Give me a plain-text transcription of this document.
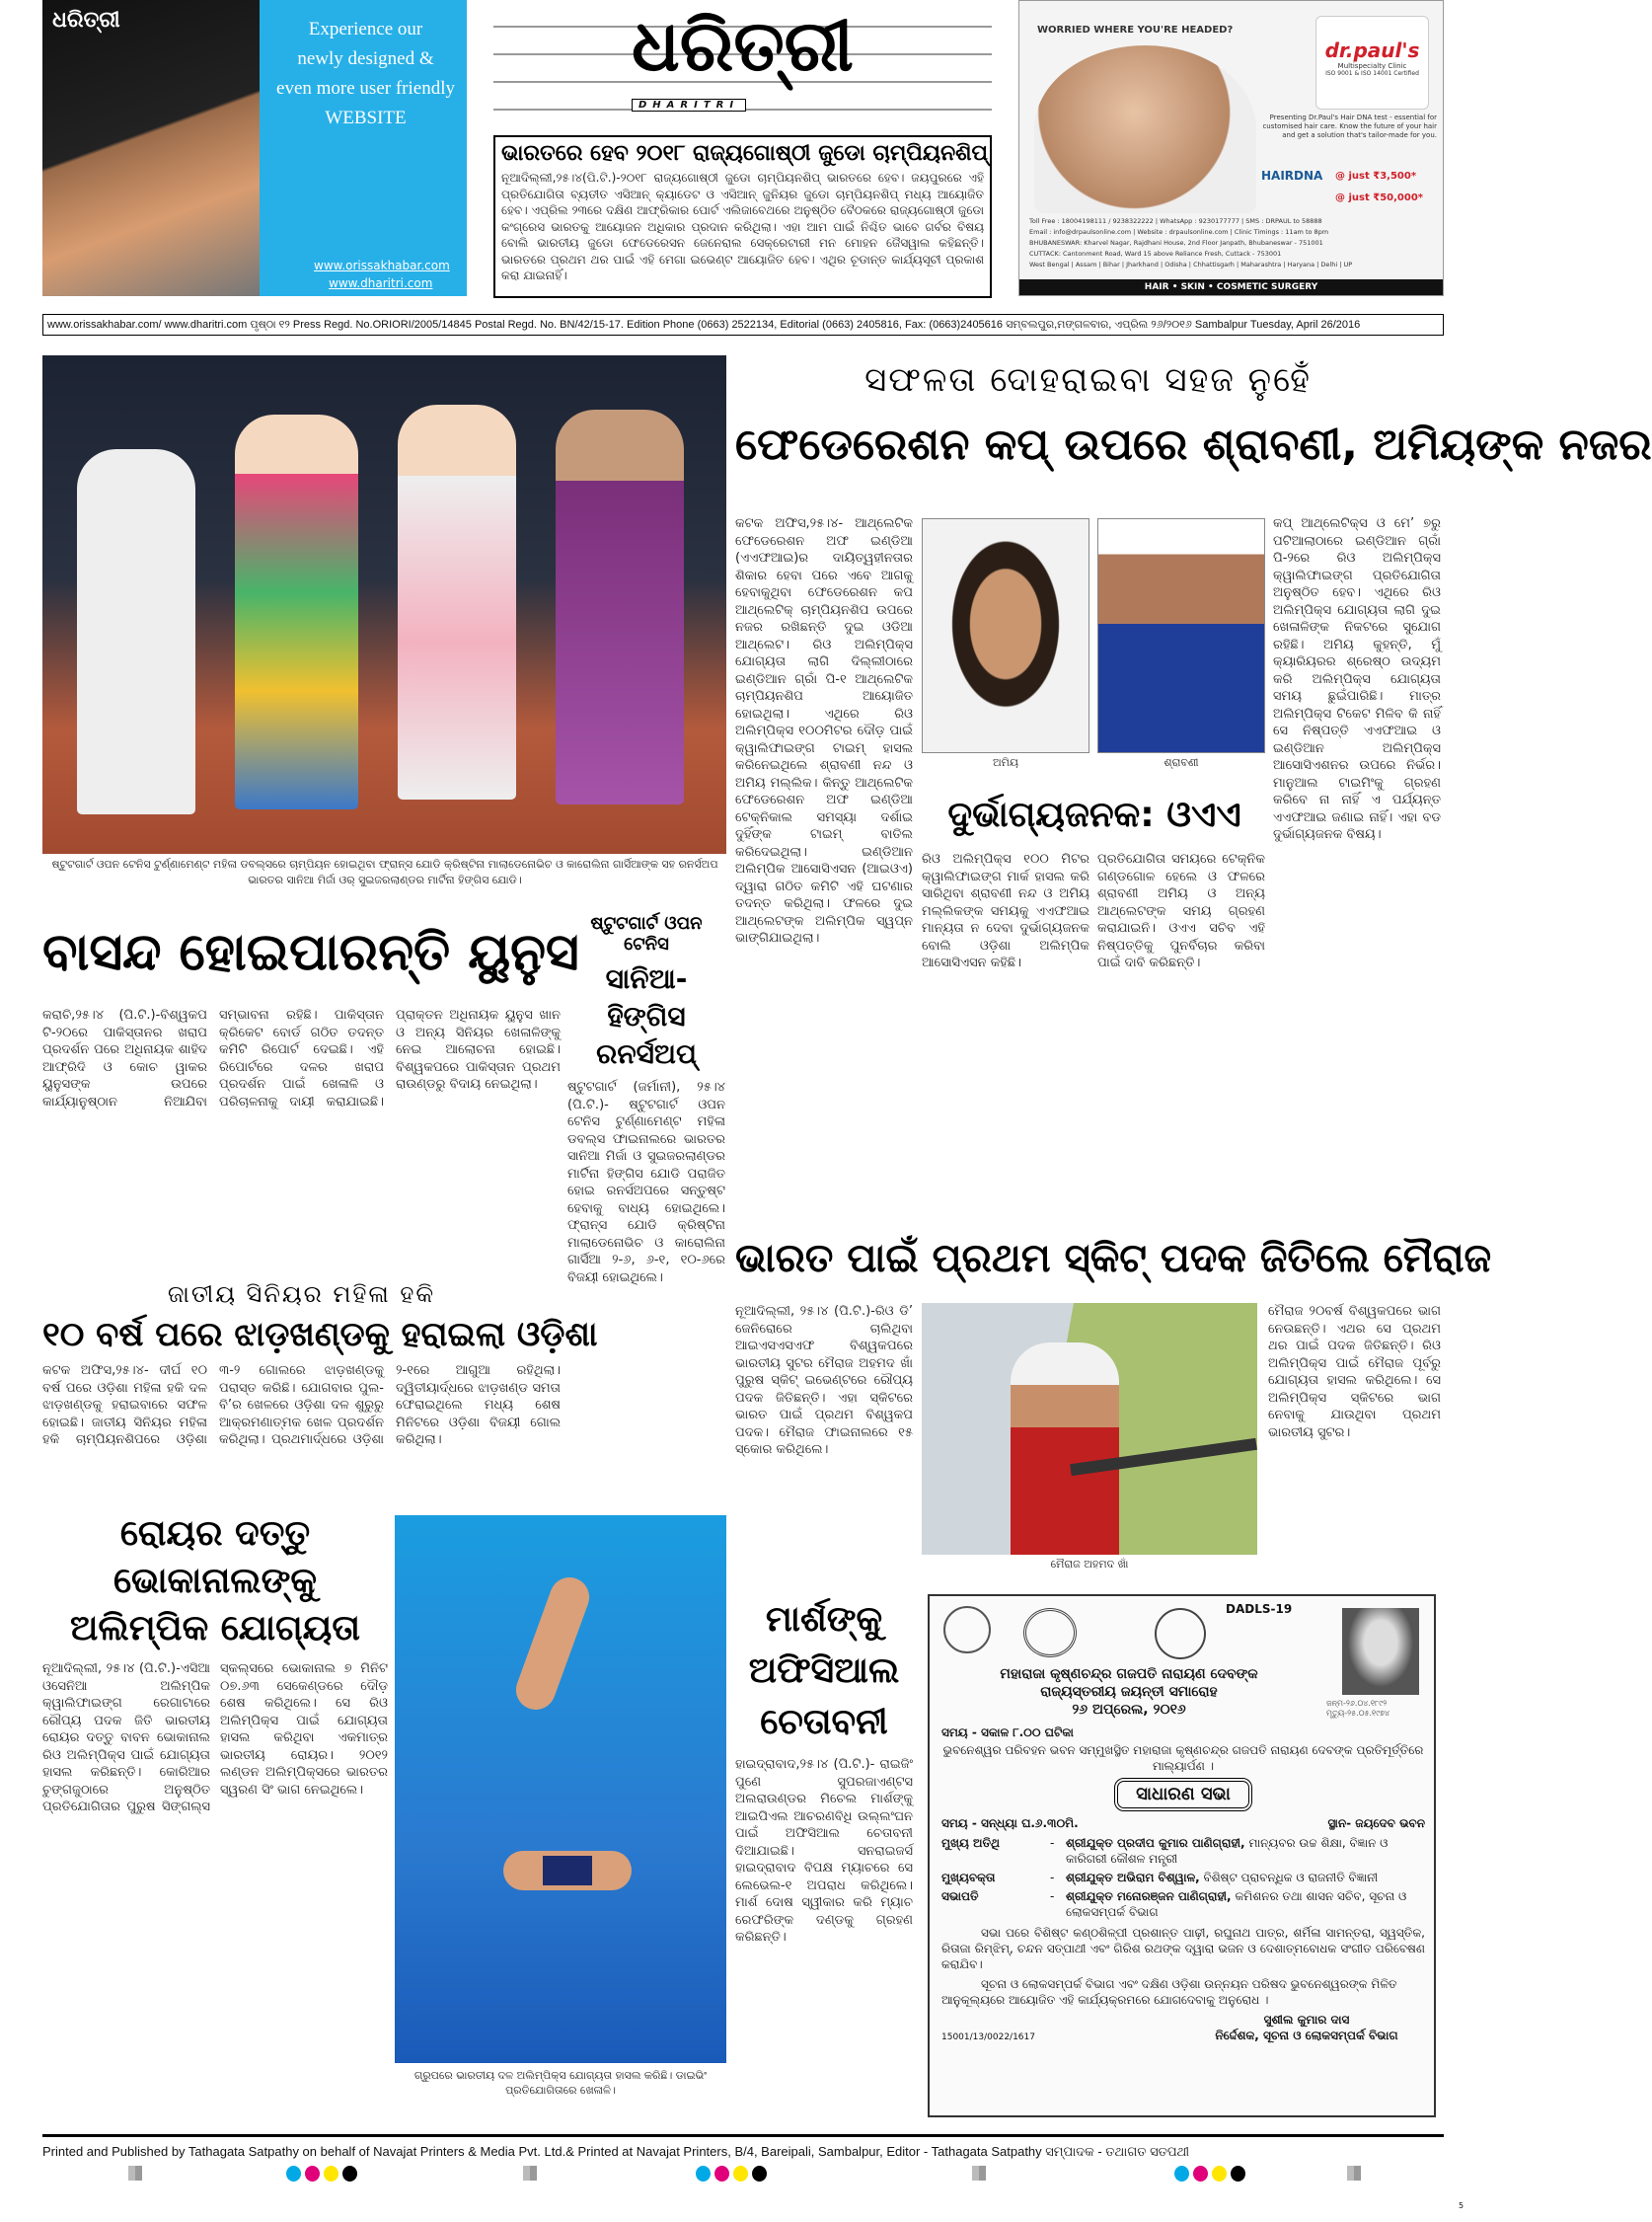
ଧରିତ୍ରୀ	Experience our
newly designed &
even more user friendly
WEBSITE
www.orissakhabar.com
www.dharitri.com
ଧରିତ୍ରୀ
DHARITRI
ଭାରତରେ ହେବ ୨୦୧୮ ରାଜ୍ୟଗୋଷ୍ଠୀ ଜୁଡୋ ଚାମ୍ପିୟନଶିପ୍
ନୂଆଦିଲ୍ଲୀ,୨୫।୪(ପି.ଟି.)-୨୦୧୮ ରାଜ୍ୟଗୋଷ୍ଠୀ ଜୁଡୋ ଚାମ୍ପିୟନଶିପ୍ ଭାରତରେ ହେବ। ଜୟପୁରରେ ଏହି ପ୍ରତିଯୋଗିତା ବ୍ୟତୀତ ଏସିଆନ୍ କ୍ୟାଡେଟ ଓ ଏସିଆନ୍ ଜୁନିୟର ଜୁଡୋ ଚାମ୍ପିୟନଶିପ୍ ମଧ୍ୟ ଆୟୋଜିତ ହେବ। ଏପ୍ରିଲ ୨୩ରେ ଦକ୍ଷିଣ ଆଫ୍ରିକାର ପୋର୍ଟ ଏଲିଜାବେଥରେ ଅନୁଷ୍ଠିତ ବୈଠକରେ ରାଜ୍ୟଗୋଷ୍ଠୀ ଜୁଡୋ କଂଗ୍ରେସ ଭାରତକୁ ଆୟୋଜନ ଅଧିକାର ପ୍ରଦାନ କରିଥିଲା। ଏହା ଆମ ପାଇଁ ନିଶ୍ଚିତ ଭାବେ ଗର୍ବର ବିଷୟ ବୋଲି ଭାରତୀୟ ଜୁଡୋ ଫେଡେରେସନ ଜେନେରାଲ ସେକ୍ରେଟାରୀ ମନ ମୋହନ ଜୈସୱାଲ କହିଛନ୍ତି। ଭାରତରେ ପ୍ରଥମ ଥର ପାଇଁ ଏହି ମେଗା ଇଭେଣ୍ଟ ଆୟୋଜିତ ହେବ। ଏଥିର ଚୂଡାନ୍ତ କାର୍ଯ୍ୟସୂଚୀ ପ୍ରକାଶ କରା ଯାଇନାହିଁ।
WORRIED WHERE YOU'RE HEADED?
dr.paul's
Multispecialty Clinic
ISO 9001 & ISO 14001 Certified
Presenting Dr.Paul's Hair DNA test - essential for customised hair care. Know the future of your hair and get a solution that's tailor-made for you.
HAIRDNA @ just ₹3,500*
@ just ₹50,000*
Toll Free : 18004198111 / 9238322222 | WhatsApp : 9230177777 | SMS : DRPAUL to 58888
Email : info@drpaulsonline.com | Website : drpaulsonline.com | Clinic Timings : 11am to 8pm
BHUBANESWAR: Kharvel Nagar, Rajdhani House, 2nd Floor Janpath, Bhubaneswar - 751001
CUTTACK: Cantonment Road, Ward 15 above Reliance Fresh, Cuttack - 753001
West Bengal | Assam | Bihar | Jharkhand | Odisha | Chhattisgarh | Maharashtra | Haryana | Delhi | UP
HAIR • SKIN • COSMETIC SURGERY
www.orissakhabar.com/ www.dharitri.com ପୃଷ୍ଠା ୧୨ Press Regd. No.ORIORI/2005/14845 Postal Regd. No. BN/42/15-17. Edition Phone (0663) 2522134, Editorial (0663) 2405816, Fax: (0663)2405616 ସମ୍ବଲପୁର,ମଙ୍ଗଳବାର, ଏପ୍ରିଲ ୨୬/୨୦୧୬ Sambalpur Tuesday, April 26/2016
ଷ୍ଟୁଟଗାର୍ଟ ଓପନ ଟେନିସ ଟୁର୍ଣ୍ଣାମେଣ୍ଟ ମହିଳା ଡବଲ୍ସରେ ଚାମ୍ପିୟନ ହୋଇଥିବା ଫ୍ରାନ୍ସ ଯୋଡି କ୍ରିଷ୍ଟିନା ମାଲାଡେନୋଭିଚ ଓ କାରୋଲିନା ଗାର୍ସିଆଙ୍କ ସହ ରନର୍ସଅପ ଭାରତର ସାନିଆ ମିର୍ଜା ଓର୍ ସୁଇଜରଲାଣ୍ଡର ମାର୍ଟିନା ହିଙ୍ଗିସ ଯୋଡି।
ସଫଳତା ଦୋହରାଇବା ସହଜ ନୁହେଁ
ଫେଡେରେଶନ କପ୍ ଉପରେ ଶ୍ରାବଣୀ, ଅମିୟଙ୍କ ନଜର
କଟକ ଅଫିସ,୨୫।୪- ଆଥ୍ଲେଟିକ ଫେଡେରେଶନ ଅଫ ଇଣ୍ଡିଆ (ଏଏଫଆଇ)ର ଦାୟିତ୍ୱହୀନତାର ଶିକାର ହେବା ପରେ ଏବେ ଆଗକୁ ହେବାକୁଥିବା ଫେଡେରେଶନ କପ ଆଥ୍ଲେଟିକ୍ ଚାମ୍ପିୟନଶିପ ଉପରେ ନଜର ରଖିଛନ୍ତି ଦୁଇ ଓଡିଆ ଆଥ୍ଲେଟ। ରିଓ ଅଲିମ୍ପିକ୍ସ ଯୋଗ୍ୟତା ଲାଗି ଦିଲ୍ଲୀଠାରେ ଇଣ୍ଡିଆନ ଗ୍ରାଁ ପି-୧ ଆଥ୍ଲେଟିକ ଚାମ୍ପିୟନଶିପ ଆୟୋଜିତ ହୋଇଥିଲା। ଏଥିରେ ରିଓ ଅଲିମ୍ପିକ୍ସ ୧୦୦ମିଟର ଦୌଡ଼ ପାଇଁ କ୍ୱାଲିଫାଇଙ୍ଗ ଟାଇମ୍ ହାସଲ କରିନେଇଥିଲେ ଶ୍ରାବଣୀ ନନ୍ଦ ଓ ଅମିୟ ମଲ୍ଲିକ। କିନ୍ତୁ ଆଥ୍ଲେଟିକ ଫେଡେରେଶନ ଅଫ ଇଣ୍ଡିଆ ଟେକ୍ନିକାଲ ସମସ୍ୟା ଦର୍ଶାଇ ଦୁହିଁଙ୍କ ଟାଇମ୍ ବାତିଲ କରିଦେଇଥିଲା। ଇଣ୍ଡିଆନ ଅଲିମ୍ପିକ ଆସୋସିଏସନ (ଆଇଓଏ) ଦ୍ୱାରା ଗଠିତ କମିଟି ଏହି ଘଟଣାର ତଦନ୍ତ କରିଥିଲା। ଫଳରେ ଦୁଇ ଆଥ୍ଲେଟଙ୍କ ଅଲିମ୍ପିକ ସ୍ୱପ୍ନ ଭାଙ୍ଗିଯାଇଥିଲା।
ଅମିୟ	ଶ୍ରାବଣୀ
କପ୍ ଆଥ୍ଲେଟିକ୍ସ ଓ ମେ’ ୭ରୁ ପଟିଆଲାଠାରେ ଇଣ୍ଡିଆନ ଗ୍ରାଁ ପି-୨ରେ ରିଓ ଅଲିମ୍ପିକ୍ସ କ୍ୱାଲିଫାଇଙ୍ଗ ପ୍ରତିଯୋଗିତା ଅନୁଷ୍ଠିତ ହେବ। ଏଥିରେ ରିଓ ଅଲିମ୍ପିକ୍ସ ଯୋଗ୍ୟତା ଲାଗି ଦୁଇ ଖେଳାଳିଙ୍କ ନିକଟରେ ସୁଯୋଗ ରହିଛି। ଅମିୟ କୁହନ୍ତି, ମୁଁ କ୍ୟାରିୟରର ଶ୍ରେଷ୍ଠ ଉଦ୍ୟମ କରି ଅଲିମ୍ପିକ୍ସ ଯୋଗ୍ୟତା ସମୟ ଛୁଇଁପାରିଛି। ମାତ୍ର ଅଲିମ୍ପିକ୍ସ ଟିକେଟ ମିଳିବ କି ନାହିଁ ସେ ନିଷ୍ପତ୍ତି ଏଏଫଆଇ ଓ ଇଣ୍ଡିଆନ ଅଲିମ୍ପିକ୍ସ ଆସୋସିଏଶନର ଉପରେ ନିର୍ଭର। ମାନୁଆଲ ଟାଇମିଂକୁ ଗ୍ରହଣ କରିବେ ନା ନାହିଁ ଏ ପର୍ଯ୍ୟନ୍ତ ଏଏଫଆଇ ଜଣାଇ ନାହିଁ। ଏହା ବଡ ଦୁର୍ଭାଗ୍ୟଜନକ ବିଷୟ।
ଦୁର୍ଭାଗ୍ୟଜନକ: ଓଏଏ
ରିଓ ଅଲିମ୍ପିକ୍ସ ୧୦୦ ମିଟର କ୍ୱାଲିଫାଇଙ୍ଗ ମାର୍କ ହାସଲ କରି ସାରିଥିବା ଶ୍ରାବଣୀ ନନ୍ଦ ଓ ଅମିୟ ମଲ୍ଲିକଙ୍କ ସମୟକୁ ଏଏଫଆଇ ମାନ୍ୟତା ନ ଦେବା ଦୁର୍ଭାଗ୍ୟଜନକ ବୋଲି ଓଡ଼ିଶା ଅଲିମ୍ପିକ ଆସୋସିଏସନ କହିଛି।
ପ୍ରତିଯୋଗିତା ସମୟରେ ଟେକ୍ନିକ ଗଣ୍ଡଗୋଳ ହେଲେ ଓ ଫଳରେ ଶ୍ରାବଣୀ ଅମିୟ ଓ ଅନ୍ୟ ଆଥ୍ଲେଟଙ୍କ ସମୟ ଗ୍ରହଣ କରାଯାଇନି। ଓଏଏ ସଚିବ ଏହି ନିଷ୍ପତ୍ତିକୁ ପୁନର୍ବିଚାର କରିବା ପାଇଁ ଦାବି କରିଛନ୍ତି।
ବାସନ୍ଦ ହୋଇପାରନ୍ତି ୟୁନୁସ
କରାଚି,୨୫।୪ (ପି.ଟି.)-ବିଶ୍ୱକପ ଟି-୨୦ରେ ପାକିସ୍ତାନର ଖରାପ ପ୍ରଦର୍ଶନ ପରେ ଅଧିନାୟକ ଶାହିଦ ଆଫ୍ରିଦି ଓ କୋଚ ୱାକର ୟୁନୁସଙ୍କ ଉପରେ କାର୍ଯ୍ୟାନୁଷ୍ଠାନ ନିଆଯିବା ସମ୍ଭାବନା ରହିଛି। ପାକିସ୍ତାନ କ୍ରିକେଟ ବୋର୍ଡ ଗଠିତ ତଦନ୍ତ କମିଟି ରିପୋର୍ଟ ଦେଇଛି। ଏହି ରିପୋର୍ଟରେ ଦଳର ଖରାପ ପ୍ରଦର୍ଶନ ପାଇଁ ଖେଳାଳି ଓ ପରିଚାଳନାକୁ ଦାୟୀ କରାଯାଇଛି। ପ୍ରାକ୍ତନ ଅଧିନାୟକ ୟୁନୁସ ଖାନ ଓ ଅନ୍ୟ ସିନିୟର ଖେଳାଳିଙ୍କୁ ନେଇ ଆଲୋଚନା ହୋଇଛି। ବିଶ୍ୱକପରେ ପାକିସ୍ତାନ ପ୍ରଥମ ରାଉଣ୍ଡରୁ ବିଦାୟ ନେଇଥିଲା।
ଷ୍ଟୁଟଗାର୍ଟ ଓପନ ଟେନିସ
ସାନିଆ-ହିଙ୍ଗିସ ରନର୍ସଅପ୍
ଷ୍ଟୁଟଗାର୍ଟ (ଜର୍ମାନୀ), ୨୫।୪ (ପି.ଟି.)- ଷ୍ଟୁଟଗାର୍ଟ ଓପନ ଟେନିସ ଟୁର୍ଣ୍ଣାମେଣ୍ଟ ମହିଳା ଡବଲ୍ସ ଫାଇନାଲରେ ଭାରତର ସାନିଆ ମିର୍ଜା ଓ ସୁଇଜରଲାଣ୍ଡର ମାର୍ଟିନା ହିଙ୍ଗିସ ଯୋଡି ପରାଜିତ ହୋଇ ରନର୍ସଅପରେ ସନ୍ତୁଷ୍ଟ ହେବାକୁ ବାଧ୍ୟ ହୋଇଥିଲେ। ଫ୍ରାନ୍ସ ଯୋଡି କ୍ରିଷ୍ଟିନା ମାଲାଡେନୋଭିଚ ଓ କାରୋଲିନା ଗାର୍ସିଆ ୨-୬, ୬-୧, ୧୦-୬ରେ ବିଜୟୀ ହୋଇଥିଲେ।
ଜାତୀୟ ସିନିୟର ମହିଳା ହକି
୧୦ ବର୍ଷ ପରେ ଝାଡ଼ଖଣ୍ଡକୁ ହରାଇଲା ଓଡ଼ିଶା
କଟକ ଅଫିସ,୨୫।୪- ଦୀର୍ଘ ୧୦ ବର୍ଷ ପରେ ଓଡ଼ିଶା ମହିଳା ହକି ଦଳ ଝାଡ଼ଖଣ୍ଡକୁ ହରାଇବାରେ ସଫଳ ହୋଇଛି। ଜାତୀୟ ସିନିୟର ମହିଳା ହକି ଚାମ୍ପିୟନଶିପରେ ଓଡ଼ିଶା ୩-୨ ଗୋଲରେ ଝାଡ଼ଖଣ୍ଡକୁ ପରାସ୍ତ କରିଛି। ଯୋଗବାର ପୁଲ-ବି’ର ଖେଳରେ ଓଡ଼ିଶା ଦଳ ଶୁରୁରୁ ଆକ୍ରମଣାତ୍ମକ ଖେଳ ପ୍ରଦର୍ଶନ କରିଥିଲା। ପ୍ରଥମାର୍ଦ୍ଧରେ ଓଡ଼ିଶା ୨-୧ରେ ଆଗୁଆ ରହିଥିଲା। ଦ୍ୱିତୀୟାର୍ଦ୍ଧରେ ଝାଡ଼ଖଣ୍ଡ ସମତା ଫେରାଇଥିଲେ ମଧ୍ୟ ଶେଷ ମିନିଟରେ ଓଡ଼ିଶା ବିଜୟୀ ଗୋଲ କରିଥିଲା।
ରୋୟର ଦତ୍ତୁ ଭୋକାନାଲଙ୍କୁ ଅଲିମ୍ପିକ ଯୋଗ୍ୟତା
ନୂଆଦିଲ୍ଲୀ, ୨୫।୪ (ପି.ଟି.)-ଏସିଆ ଓସେନିଆ ଅଲିମ୍ପିକ କ୍ୱାଲିଫାଇଙ୍ଗ ରେଗାଟାରେ ରୌପ୍ୟ ପଦକ ଜିତି ଭାରତୀୟ ରୋୟର ଦତ୍ତୁ ବାବନ ଭୋକାନାଲ ରିଓ ଅଲିମ୍ପିକ୍ସ ପାଇଁ ଯୋଗ୍ୟତା ହାସଲ କରିଛନ୍ତି। କୋରିଆର ଚୁଙ୍ଗଜୁଠାରେ ଅନୁଷ୍ଠିତ ପ୍ରତିଯୋଗିତାର ପୁରୁଷ ସିଙ୍ଗଲ୍ସ ସ୍କଲ୍ସରେ ଭୋକାନାଲ ୭ ମିନିଟ ୦୭.୬୩ ସେକେଣ୍ଡରେ ଦୌଡ଼ ଶେଷ କରିଥିଲେ। ସେ ରିଓ ଅଲିମ୍ପିକ୍ସ ପାଇଁ ଯୋଗ୍ୟତା ହାସଲ କରିଥିବା ଏକମାତ୍ର ଭାରତୀୟ ରୋୟର। ୨୦୧୨ ଲଣ୍ଡନ ଅଲିମ୍ପିକ୍ସରେ ଭାରତର ସ୍ୱରଣ ସିଂ ଭାଗ ନେଇଥିଲେ।
ଗ୍ରୁପରେ ଭାରତୀୟ ଦଳ ଅଲିମ୍ପିକ୍ସ ଯୋଗ୍ୟତା ହାସଲ କରିଛି। ଡାଇଭିଂ ପ୍ରତିଯୋଗିତାରେ ଖେଳାଳି।
ଭାରତ ପାଇଁ ପ୍ରଥମ ସ୍କିଟ୍ ପଦକ ଜିତିଲେ ମୈରାଜ
ନୂଆଦିଲ୍ଲୀ, ୨୫।୪ (ପି.ଟି.)-ରିଓ ଡି’ ଜେନିରୋରେ ଚାଲିଥିବା ଆଇଏସଏସଏଫ ବିଶ୍ୱକପରେ ଭାରତୀୟ ସୁଟର ମୈରାଜ ଅହମଦ ଖାଁ ପୁରୁଷ ସ୍କିଟ୍ ଇଭେଣ୍ଟରେ ରୌପ୍ୟ ପଦକ ଜିତିଛନ୍ତି। ଏହା ସ୍କିଟରେ ଭାରତ ପାଇଁ ପ୍ରଥମ ବିଶ୍ୱକପ ପଦକ। ମୈରାଜ ଫାଇନାଲରେ ୧୫ ସ୍କୋର କରିଥିଲେ।
ମୈରାଜ ଅହମଦ ଖାଁ
ମୈରାଜ ୨୦ବର୍ଷ ବିଶ୍ୱକପରେ ଭାଗ ନେଉଛନ୍ତି। ଏଥର ସେ ପ୍ରଥମ ଥର ପାଇଁ ପଦକ ଜିତିଛନ୍ତି। ରିଓ ଅଲିମ୍ପିକ୍ସ ପାଇଁ ମୈରାଜ ପୂର୍ବରୁ ଯୋଗ୍ୟତା ହାସଲ କରିଥିଲେ। ସେ ଅଲିମ୍ପିକ୍ସ ସ୍କିଟରେ ଭାଗ ନେବାକୁ ଯାଉଥିବା ପ୍ରଥମ ଭାରତୀୟ ସୁଟର।
ମାର୍ଶଙ୍କୁ ଅଫିସିଆଲ ଚେତାବନୀ
ହାଇଦ୍ରାବାଦ,୨୫।୪ (ପି.ଟି.)- ରାଇଜିଂ ପୁଣେ ସୁପରଜାଏଣ୍ଟସ ଅଲରାଉଣ୍ଡର ମିଚେଲ ମାର୍ଶଙ୍କୁ ଆଇପିଏଲ ଆଚରଣବିଧି ଉଲ୍ଲଂଘନ ପାଇଁ ଅଫିସିଆଲ ଚେତାବନୀ ଦିଆଯାଇଛି। ସନରାଇଜର୍ସ ହାଇଦ୍ରାବାଦ ବିପକ୍ଷ ମ୍ୟାଚରେ ସେ ଲେଭେଲ-୧ ଅପରାଧ କରିଥିଲେ। ମାର୍ଶ ଦୋଷ ସ୍ୱୀକାର କରି ମ୍ୟାଚ ରେଫରିଙ୍କ ଦଣ୍ଡକୁ ଗ୍ରହଣ କରିଛନ୍ତି।
DADLS-19
ଜନ୍ମ-୨୬.୦୪.୧୮୯୨
ମୃତ୍ୟୁ-୨୫.୦୫.୧୯୭୪
ମହାରାଜା କୃଷ୍ଣଚନ୍ଦ୍ର ଗଜପତି ନାରାୟଣ ଦେବଙ୍କ
ରାଜ୍ୟସ୍ତରୀୟ ଜୟନ୍ତୀ ସମାରୋହ
୨୬ ଅପ୍ରେଲ, ୨୦୧୬
ସମୟ - ସକାଳ ୮.୦୦ ଘଟିକା
ଭୁବନେଶ୍ୱର ପରିବହନ ଭବନ ସମ୍ମୁଖସ୍ଥିତ ମହାରାଜା କୃଷ୍ଣଚନ୍ଦ୍ର ଗଜପତି ନାରାୟଣ ଦେବଙ୍କ ପ୍ରତିମୂର୍ତ୍ତିରେ ମାଲ୍ୟାର୍ପଣ ।
ସାଧାରଣ ସଭା
ସମୟ - ସନ୍ଧ୍ୟା ଘ.୬.୩୦ମି.	ସ୍ଥାନ- ଜୟଦେବ ଭବନ
ମୁଖ୍ୟ ଅତିଥି	- ଶ୍ରୀଯୁକ୍ତ ପ୍ରଦୀପ କୁମାର ପାଣିଗ୍ରାହୀ, ମାନ୍ୟବର ଉଚ୍ଚ ଶିକ୍ଷା, ବିଜ୍ଞାନ ଓ କାରିଗରୀ କୌଶଳ ମନ୍ତ୍ରୀ
ମୁଖ୍ୟବକ୍ତା	- ଶ୍ରୀଯୁକ୍ତ ଅଭିରାମ ବିଶ୍ୱାଳ, ବିଶିଷ୍ଟ ପ୍ରାବନ୍ଧିକ ଓ ରାଜନୀତି ବିଜ୍ଞାନୀ
ସଭାପତି	- ଶ୍ରୀଯୁକ୍ତ ମନୋରଞ୍ଜନ ପାଣିଗ୍ରାହୀ, କମିଶନର ତଥା ଶାସନ ସଚିବ, ସୂଚନା ଓ ଲୋକସମ୍ପର୍କ ବିଭାଗ
ସଭା ପରେ ବିଶିଷ୍ଟ କଣ୍ଠଶିଳ୍ପୀ ପ୍ରଶାନ୍ତ ପାଢ଼ୀ, ରଘୁନାଥ ପାତ୍ର, ଶର୍ମିଳା ସାମନ୍ତରା, ସ୍ୱସ୍ତିକ, ରିତାଜା ରିମ୍‌ଝିମ୍, ଚନ୍ଦନ ସତ୍ପାଥୀ ଏବଂ ଗିରିଶ ରଥଙ୍କ ଦ୍ୱାରା ଭଜନ ଓ ଦେଶାତ୍ମବୋଧକ ସଂଗୀତ ପରିବେଷଣ କରାଯିବ।
ସୂଚନା ଓ ଲୋକସମ୍ପର୍କ ବିଭାଗ ଏବଂ ଦକ୍ଷିଣ ଓଡ଼ିଶା ଉନ୍ନୟନ ପରିଷଦ ଭୁବନେଶ୍ୱରଙ୍କ ମିଳିତ ଆନୁକୂଲ୍ୟରେ ଆୟୋଜିତ ଏହି କାର୍ଯ୍ୟକ୍ରମରେ ଯୋଗଦେବାକୁ ଅନୁରୋଧ ।
15001/13/0022/1617
ସୁଶୀଲ କୁମାର ଦାସ
ନିର୍ଦ୍ଦେଶକ, ସୂଚନା ଓ ଲୋକସମ୍ପର୍କ ବିଭାଗ
Printed and Published by Tathagata Satpathy on behalf of Navajat Printers & Media Pvt. Ltd.& Printed at Navajat Printers, B/4, Bareipali, Sambalpur, Editor - Tathagata Satpathy ସମ୍ପାଦକ - ତଥାଗତ ସତପଥୀ
5
